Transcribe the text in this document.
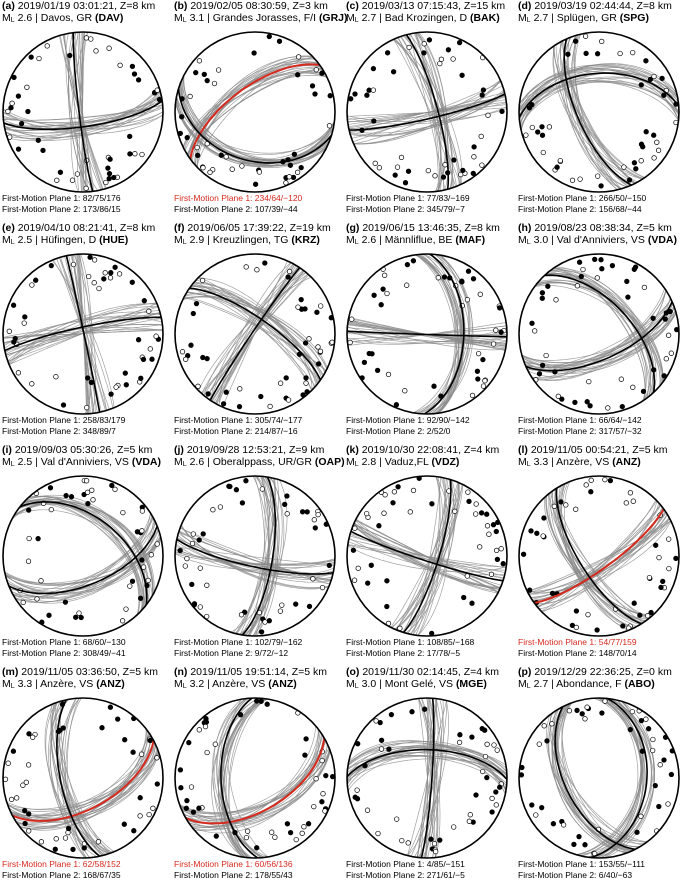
(a) 2019/01/19 03:01:21, Z=8 km
$M_L$ 2.6 | Davos, GR (DAV)
First-Motion Plane 1: 82/75/176
First-Motion Plane 2: 173/86/15
(b) 2019/02/05 08:30:59, Z=3 km
$M_L$ 3.1 | Grandes Jorasses, F/I (GRJ)
First-Motion Plane 1: 234/64/−120
First-Motion Plane 2: 107/39/−44
(c) 2019/03/13 07:15:43, Z=15 km
$M_L$ 2.7 | Bad Krozingen, D (BAK)
First-Motion Plane 1: 77/83/−169
First-Motion Plane 2: 345/79/−7
(d) 2019/03/19 02:44:44, Z=8 km
$M_L$ 2.7 | Splügen, GR (SPG)
First-Motion Plane 1: 266/50/−150
First-Motion Plane 2: 156/68/−44
(e) 2019/04/10 08:21:41, Z=8 km
$M_L$ 2.5 | Hüfingen, D (HUE)
First-Motion Plane 1: 258/83/179
First-Motion Plane 2: 348/89/7
(f) 2019/06/05 17:39:22, Z=19 km
$M_L$ 2.9 | Kreuzlingen, TG (KRZ)
First-Motion Plane 1: 305/74/−177
First-Motion Plane 2: 214/87/−16
(g) 2019/06/15 13:46:35, Z=8 km
$M_L$ 2.6 | Männliflue, BE (MAF)
First-Motion Plane 1: 92/90/−142
First-Motion Plane 2: 2/52/0
(h) 2019/08/23 08:38:34, Z=5 km
$M_L$ 3.0 | Val d'Anniviers, VS (VDA)
First-Motion Plane 1: 66/64/−142
First-Motion Plane 2: 317/57/−32
(i) 2019/09/03 05:30:26, Z=5 km
$M_L$ 2.5 | Val d'Anniviers, VS (VDA)
First-Motion Plane 1: 68/60/−130
First-Motion Plane 2: 308/49/−41
(j) 2019/09/28 12:53:21, Z=9 km
$M_L$ 2.6 | Oberalppass, UR/GR (OAP)
First-Motion Plane 1: 102/79/−162
First-Motion Plane 2: 9/72/−12
(k) 2019/10/30 22:08:41, Z=4 km
$M_L$ 2.8 | Vaduz,FL (VDZ)
First-Motion Plane 1: 108/85/−168
First-Motion Plane 2: 17/78/−5
(l) 2019/11/05 00:54:21, Z=5 km
$M_L$ 3.3 | Anzère, VS (ANZ)
First-Motion Plane 1: 54/77/159
First-Motion Plane 2: 148/70/14
(m) 2019/11/05 03:36:50, Z=5 km
$M_L$ 3.3 | Anzère, VS (ANZ)
First-Motion Plane 1: 62/58/152
First-Motion Plane 2: 168/67/35
(n) 2019/11/05 19:51:14, Z=5 km
$M_L$ 3.2 | Anzère, VS (ANZ)
First-Motion Plane 1: 60/56/136
First-Motion Plane 2: 178/55/43
(o) 2019/11/30 02:14:45, Z=4 km
$M_L$ 3.0 | Mont Gelé, VS (MGE)
First-Motion Plane 1: 4/85/−151
First-Motion Plane 2: 271/61/−5
(p) 2019/12/29 22:36:25, Z=0 km
$M_L$ 2.7 | Abondance, F (ABO)
First-Motion Plane 1: 153/55/−111
First-Motion Plane 2: 6/40/−63
